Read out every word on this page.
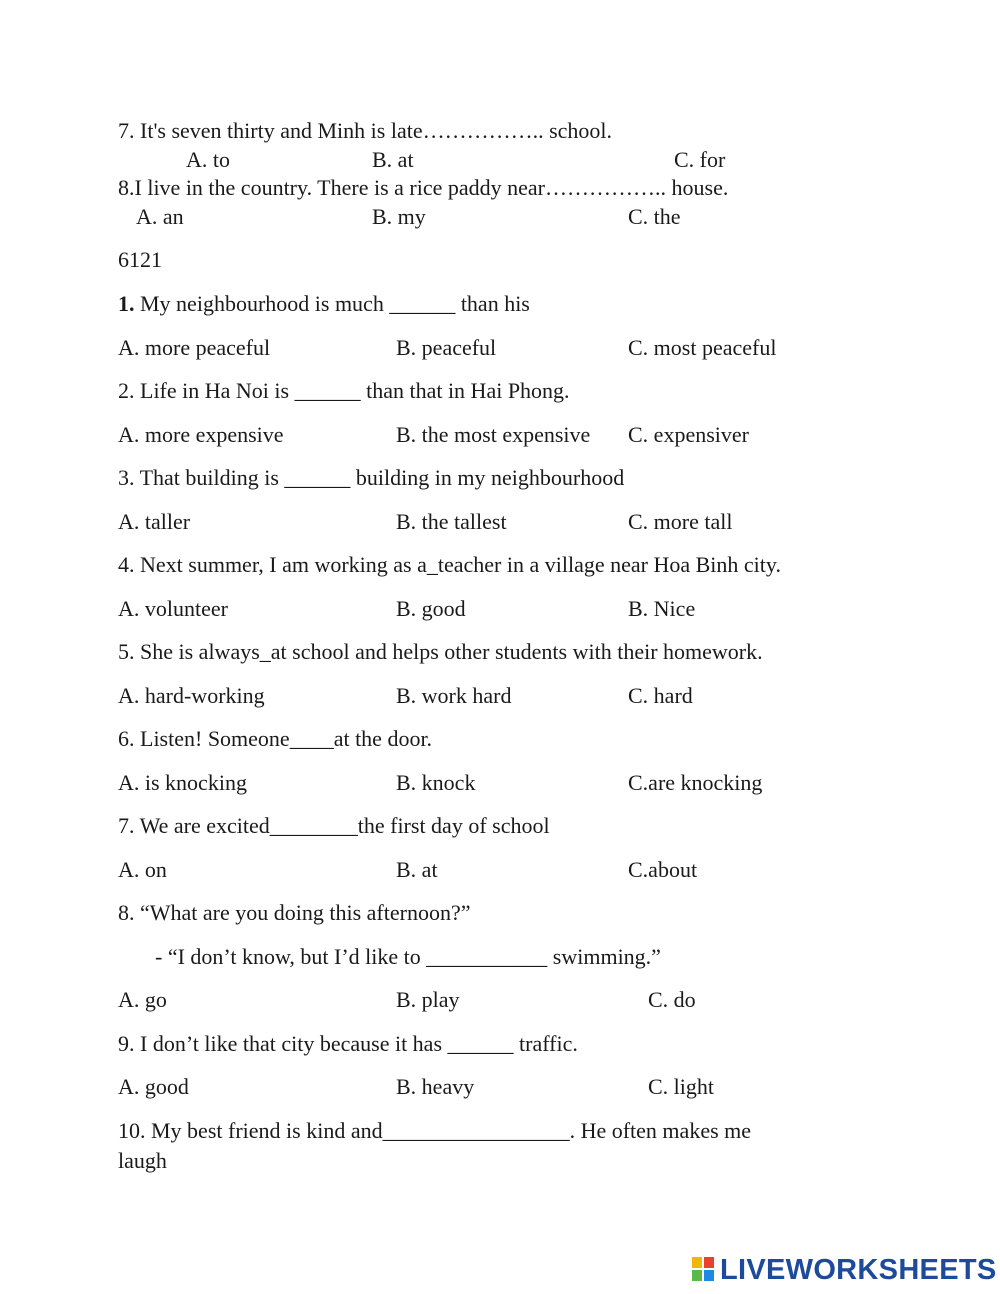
7. It's seven thirty and Minh is late…………….. school.
A. to	B. at	C. for
8.I live in the country. There is a rice paddy near…………….. house.
A. an	B. my	C. the
6121
1. My neighbourhood is much ______ than his
A. more peaceful	B. peaceful	C. most peaceful
2. Life in Ha Noi is ______ than that in Hai Phong.
A. more expensive	B. the most expensive C. expensiver
3. That building is ______ building in my neighbourhood
A. taller	B. the tallest	C. more tall
4. Next summer, I am working as a_teacher in a village near Hoa Binh city.
A. volunteer	B. good	B. Nice
5. She is always_at school and helps other students with their homework.
A. hard-working	B. work hard	C. hard
6. Listen! Someone____at the door.
A. is knocking	B. knock	C.are knocking
7. We are excited________the first day of school
A. on	B. at	C.about
8. “What are you doing this afternoon?”
- “I don’t know, but I’d like to ___________ swimming.”
A. go	B. play	C. do
9. I don’t like that city because it has ______ traffic.
A. good	B. heavy	C. light
10. My best friend is kind and_________________. He often makes me
laugh
LIVEWORKSHEETS
